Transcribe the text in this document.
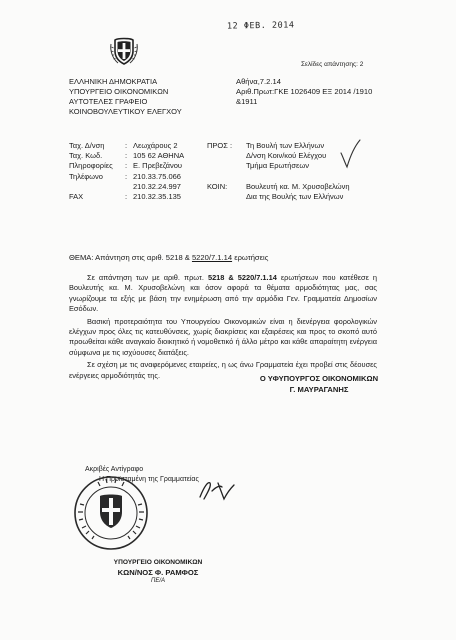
12 ΦΕΒ. 2014
Σελίδες απάντησης: 2
ΕΛΛΗΝΙΚΗ ΔΗΜΟΚΡΑΤΙΑ
ΥΠΟΥΡΓΕΙΟ ΟΙΚΟΝΟΜΙΚΩΝ
ΑΥΤΟΤΕΛΕΣ ΓΡΑΦΕΙΟ
ΚΟΙΝΟΒΟΥΛΕΥΤΙΚΟΥ ΕΛΕΓΧΟΥ
Αθήνα,7.2.14
Αριθ.Πρωτ:ΓΚΕ 1026409 ΕΞ 2014 /1910
&1911
Ταχ. Δ/νση	: Λεωχάρους 2
Ταχ. Κωδ.	: 105 62 ΑΘΗΝΑ
Πληροφορίες	: Ε. Πρεβεζάνου
Τηλέφωνο	: 210.33.75.066
210.32.24.997
FAX	: 210.32.35.135
ΠΡΟΣ :	Τη Βουλή των Ελλήνων
Δ/νση Κοιν/κού Ελέγχου
Τμήμα Ερωτήσεων
ΚΟΙΝ:	Βουλευτή κα. Μ. Χρυσοβελώνη
Δια της Βουλής των Ελλήνων
ΘΕΜΑ: Απάντηση στις αριθ. 5218 & 5220/7.1.14 ερωτήσεις

Σε απάντηση των με αριθ. πρωτ. 5218 & 5220/7.1.14 ερωτήσεων που κατέθεσε η Βουλευτής κα. Μ. Χρυσοβελώνη και όσον αφορά τα θέματα αρμοδιότητας μας, σας γνωρίζουμε τα εξής με βάση την ενημέρωση από την αρμόδια Γεν. Γραμματεία Δημοσίων Εσόδων.

Βασική προτεραιότητα του Υπουργείου Οικονομικών είναι η διενέργεια φορολογικών ελέγχων προς όλες τις κατευθύνσεις, χωρίς διακρίσεις και εξαιρέσεις και προς το σκοπό αυτό προωθείται κάθε αναγκαίο διοικητικό ή νομοθετικό ή άλλο μέτρο και κάθε απαραίτητη ενέργεια σύμφωνα με τις ισχύουσες διατάξεις.

Σε σχέση με τις αναφερόμενες εταιρείες, η ως άνω Γραμματεία έχει προβεί στις δέουσες ενέργειες αρμοδιότητάς της.	Ο ΥΦΥΠΟΥΡΓΟΣ ΟΙΚΟΝΟΜΙΚΩΝ
Γ. ΜΑΥΡΑΓΑΝΗΣ
Ακριβές Αντίγραφο
Η Προϊσταμένη της Γραμματείας
ΥΠΟΥΡΓΕΙΟ ΟΙΚΟΝΟΜΙΚΩΝ
ΚΩΝ/ΝΟΣ Φ. ΡΑΜΦΟΣ
ΠΕ/Α
